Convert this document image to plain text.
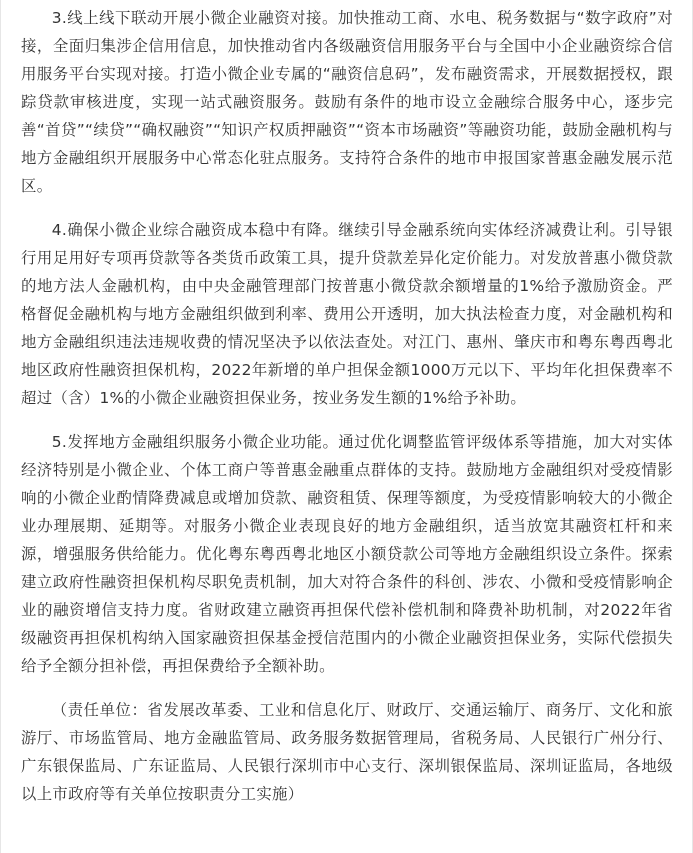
3.线上线下联动开展小微企业融资对接。加快推动工商、水电、税务数据与“数字政府”对接，全面归集涉企信用信息，加快推动省内各级融资信用服务平台与全国中小企业融资综合信用服务平台实现对接。打造小微企业专属的“融资信息码”，发布融资需求，开展数据授权，跟踪贷款审核进度，实现一站式融资服务。鼓励有条件的地市设立金融综合服务中心，逐步完善“首贷”“续贷”“确权融资”“知识产权质押融资”“资本市场融资”等融资功能，鼓励金融机构与地方金融组织开展服务中心常态化驻点服务。支持符合条件的地市申报国家普惠金融发展示范区。

4.确保小微企业综合融资成本稳中有降。继续引导金融系统向实体经济减费让利。引导银行用足用好专项再贷款等各类货币政策工具，提升贷款差异化定价能力。对发放普惠小微贷款的地方法人金融机构，由中央金融管理部门按普惠小微贷款余额增量的1%给予激励资金。严格督促金融机构与地方金融组织做到利率、费用公开透明，加大执法检查力度，对金融机构和地方金融组织违法违规收费的情况坚决予以依法查处。对江门、惠州、肇庆市和粤东粤西粤北地区政府性融资担保机构，2022年新增的单户担保金额1000万元以下、平均年化担保费率不超过（含）1%的小微企业融资担保业务，按业务发生额的1%给予补助。

5.发挥地方金融组织服务小微企业功能。通过优化调整监管评级体系等措施，加大对实体经济特别是小微企业、个体工商户等普惠金融重点群体的支持。鼓励地方金融组织对受疫情影响的小微企业酌情降费减息或增加贷款、融资租赁、保理等额度，为受疫情影响较大的小微企业办理展期、延期等。对服务小微企业表现良好的地方金融组织，适当放宽其融资杠杆和来源，增强服务供给能力。优化粤东粤西粤北地区小额贷款公司等地方金融组织设立条件。探索建立政府性融资担保机构尽职免责机制，加大对符合条件的科创、涉农、小微和受疫情影响企业的融资增信支持力度。省财政建立融资再担保代偿补偿机制和降费补助机制，对2022年省级融资再担保机构纳入国家融资担保基金授信范围内的小微企业融资担保业务，实际代偿损失给予全额分担补偿，再担保费给予全额补助。

（责任单位：省发展改革委、工业和信息化厅、财政厅、交通运输厅、商务厅、文化和旅游厅、市场监管局、地方金融监管局、政务服务数据管理局，省税务局、人民银行广州分行、广东银保监局、广东证监局、人民银行深圳市中心支行、深圳银保监局、深圳证监局，各地级以上市政府等有关单位按职责分工实施）
